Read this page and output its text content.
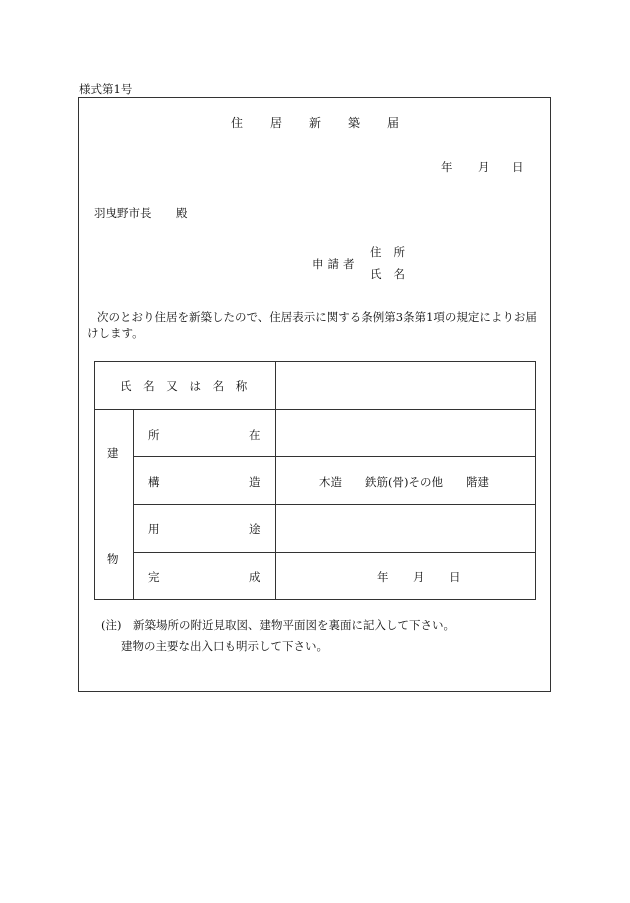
様式第1号
住居新築届
年 月 日
羽曳野市長 殿
申請者
住所
氏名
次のとおり住居を新築したので、住居表示に関する条例第3条第1項の規定によりお届けします。
氏 名 又 は 名 称
建
物
所	在
構	造	木造　　鉄筋(骨)その他　　階建
用	途
完	成	年 月 日
(注)　新築場所の附近見取図、建物平面図を裏面に記入して下さい。
建物の主要な出入口も明示して下さい。
